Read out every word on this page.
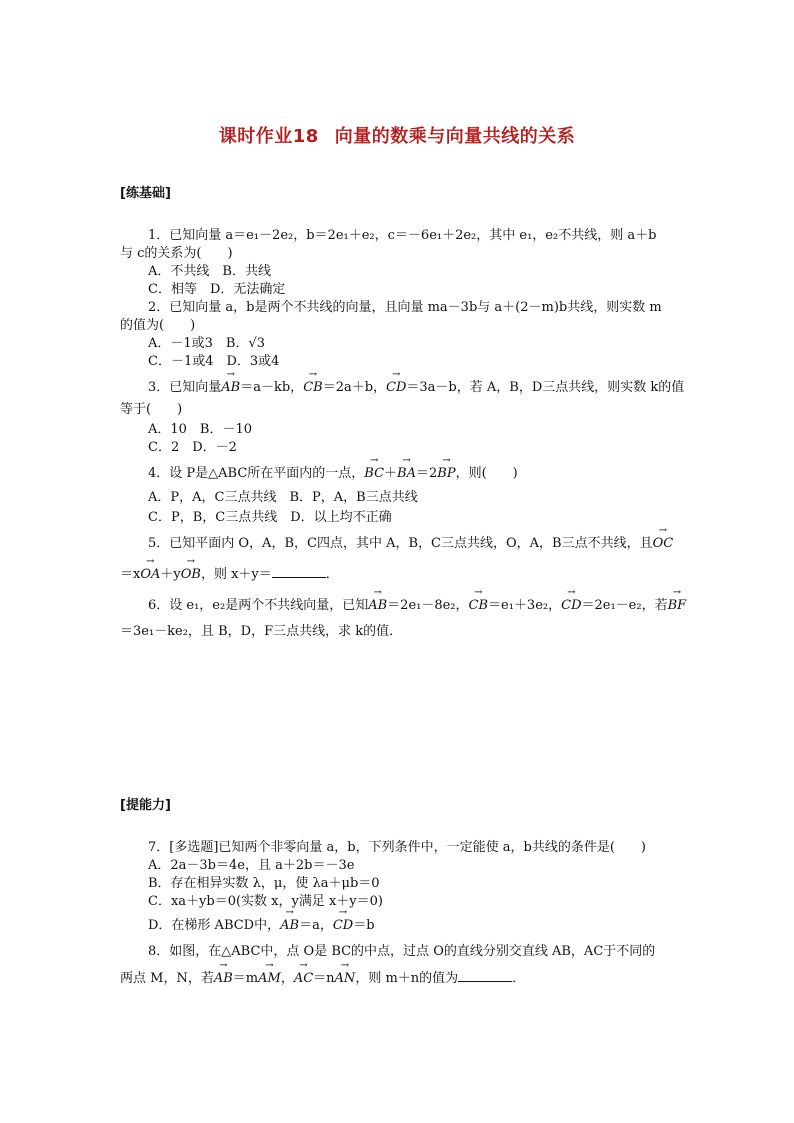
课时作业18 向量的数乘与向量共线的关系
[练基础]
1．已知向量 a＝e₁－2e₂，b＝2e₁＋e₂，c＝－6e₁＋2e₂，其中 e₁，e₂不共线，则 a＋b
与 c的关系为(　　)
A．不共线　B．共线
C．相等　D．无法确定
2．已知向量 a，b是两个不共线的向量，且向量 ma－3b与 a＋(2－m)b共线，则实数 m
的值为(　　)
A．－1或3　B．√3
C．－1或4　D．3或4
3．已知向量→ AB＝a－kb，→ CB＝2a＋b，→ CD＝3a－b，若 A，B，D三点共线，则实数 k的值
等于(　　)
A．10　B．－10
C．2　D．－2
4．设 P是△ABC所在平面内的一点，→ BC＋→ BA＝2→ BP，则(　　)
A．P，A，C三点共线　B．P，A，B三点共线
C．P，B，C三点共线　D．以上均不正确
5．已知平面内 O，A，B，C四点，其中 A，B，C三点共线，O，A，B三点不共线，且→ OC
＝x→ OA＋y→ OB，则 x＋y＝	．
6．设 e₁，e₂是两个不共线向量，已知→ AB＝2e₁－8e₂，→ CB＝e₁＋3e₂，→ CD＝2e₁－e₂，若→ BF
＝3e₁－ke₂，且 B，D，F三点共线，求 k的值．
[提能力]
7．[多选题]已知两个非零向量 a，b，下列条件中，一定能使 a，b共线的条件是(　　)
A．2a－3b＝4e，且 a＋2b＝－3e
B．存在相异实数 λ，μ，使 λa＋μb＝0
C．xa＋yb＝0(实数 x，y满足 x＋y＝0)
D．在梯形 ABCD中，→ AB＝a，→ CD＝b
8．如图，在△ABC中，点 O是 BC的中点，过点 O的直线分别交直线 AB，AC于不同的
两点 M，N，若→ AB＝m→ AM，→ AC＝n→ AN，则 m＋n的值为	．
